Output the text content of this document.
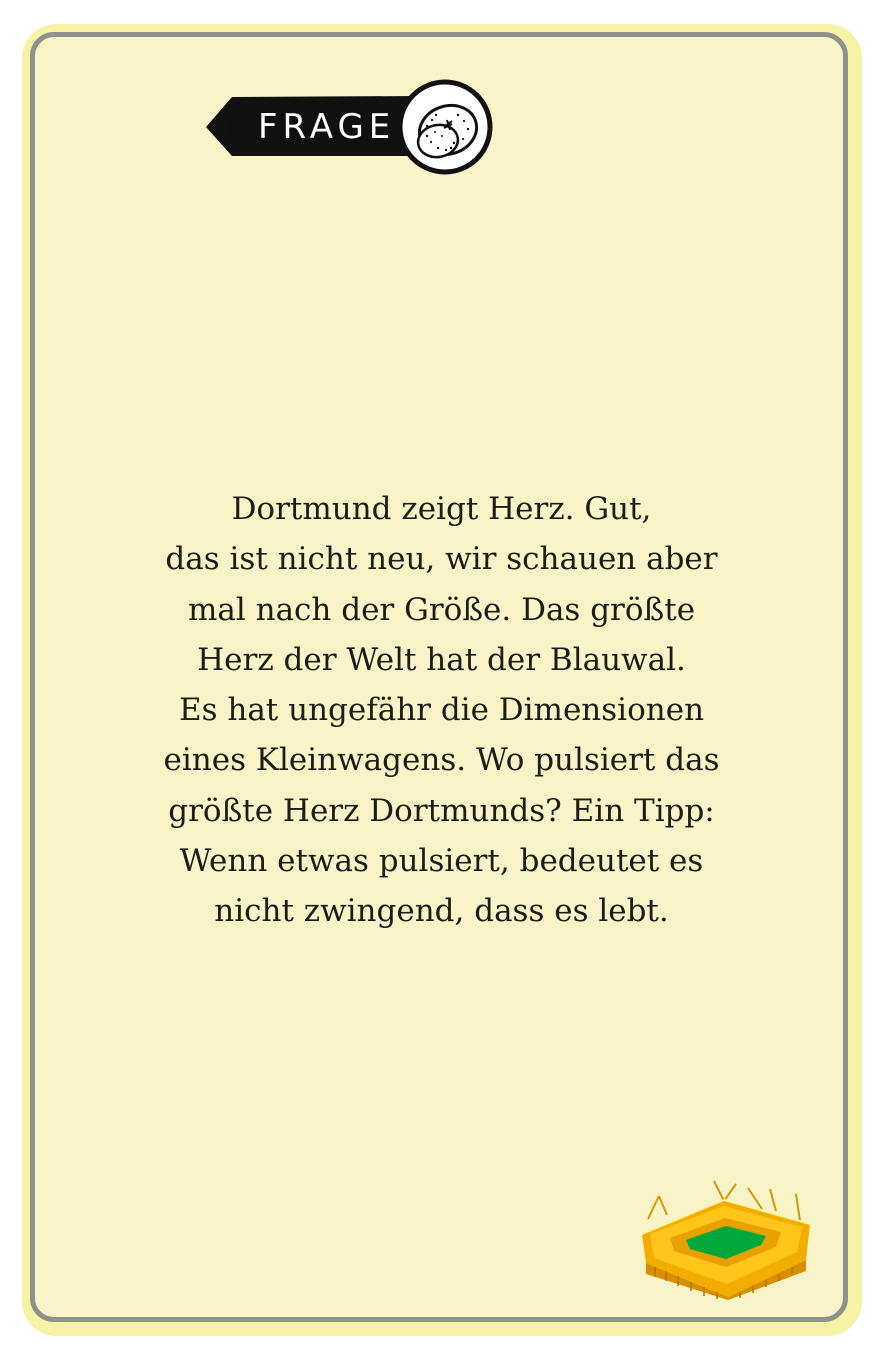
FRAGE

Dortmund zeigt Herz. Gut,
das ist nicht neu, wir schauen aber
mal nach der Größe. Das größte
Herz der Welt hat der Blauwal.
Es hat ungefähr die Dimensionen
eines Kleinwagens. Wo pulsiert das
größte Herz Dortmunds? Ein Tipp:
Wenn etwas pulsiert, bedeutet es
nicht zwingend, dass es lebt.
